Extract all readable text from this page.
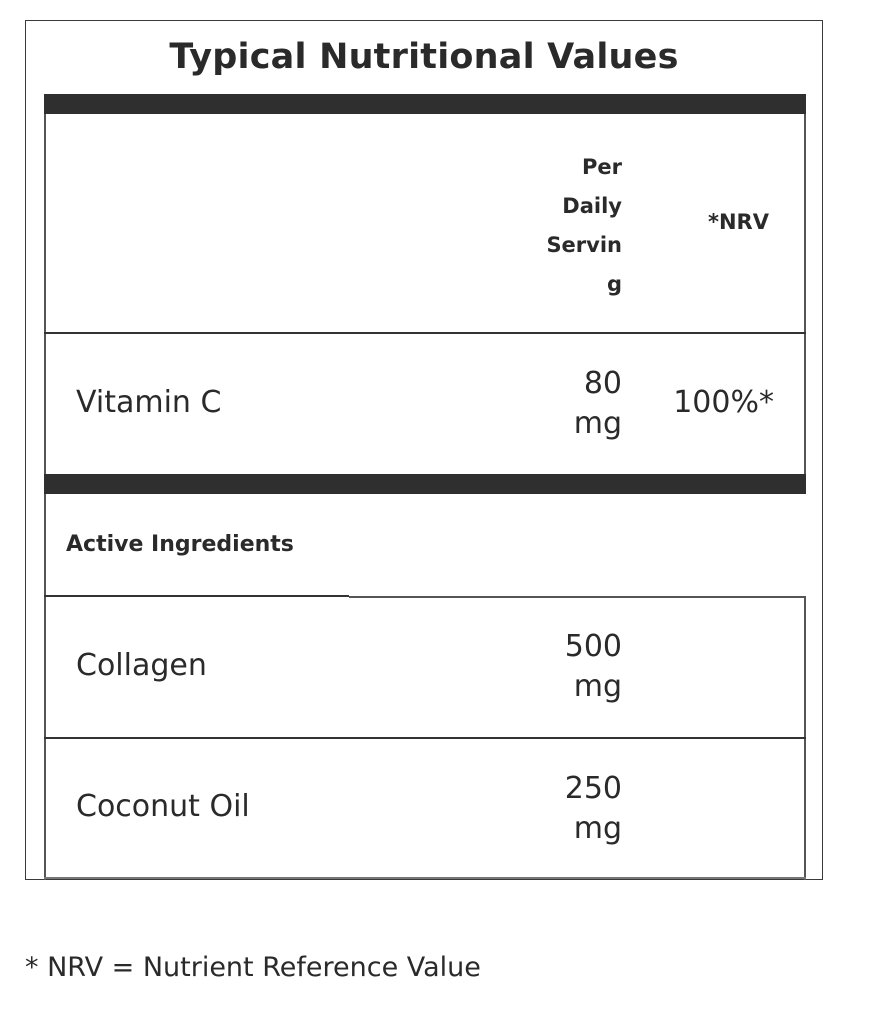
Typical Nutritional Values
Per
Daily
Servin
g
*NRV
Vitamin C
80
mg
100%*
Active Ingredients
Collagen
500
mg
Coconut Oil
250
mg
* NRV = Nutrient Reference Value
